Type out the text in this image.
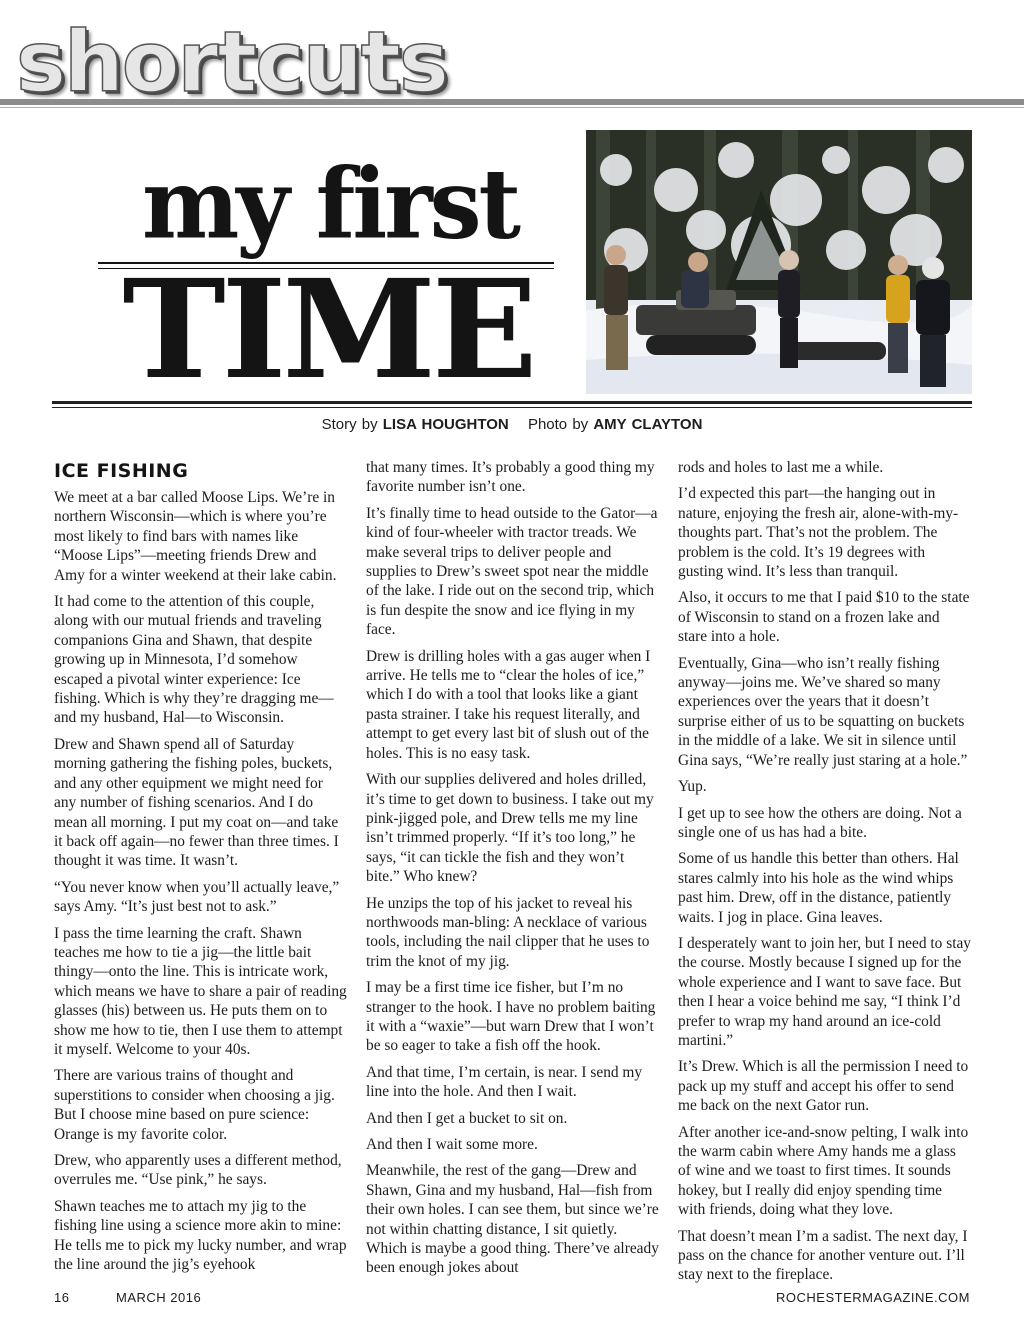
shortcuts
my first
TIME
Story by LISA HOUGHTON Photo by AMY CLAYTON
ICE FISHING

We meet at a bar called Moose Lips. We’re in northern Wisconsin—which is where you’re most likely to find bars with names like “Moose Lips”—meeting friends Drew and Amy for a winter weekend at their lake cabin.

It had come to the attention of this couple, along with our mutual friends and traveling companions Gina and Shawn, that despite growing up in Minnesota, I’d somehow escaped a pivotal winter experience: Ice fishing. Which is why they’re dragging me—and my husband, Hal—to Wisconsin.

Drew and Shawn spend all of Saturday morning gathering the fishing poles, buckets, and any other equipment we might need for any number of fishing scenarios. And I do mean all morning. I put my coat on—and take it back off again—no fewer than three times. I thought it was time. It wasn’t.

“You never know when you’ll actually leave,” says Amy. “It’s just best not to ask.”

I pass the time learning the craft. Shawn teaches me how to tie a jig—the little bait thingy—onto the line. This is intricate work, which means we have to share a pair of reading glasses (his) between us. He puts them on to show me how to tie, then I use them to attempt it myself. Welcome to your 40s.

There are various trains of thought and superstitions to consider when choosing a jig. But I choose mine based on pure science: Orange is my favorite color.

Drew, who apparently uses a different method, overrules me. “Use pink,” he says.

Shawn teaches me to attach my jig to the fishing line using a science more akin to mine: He tells me to pick my lucky number, and wrap the line around the jig’s eyehook

that many times. It’s probably a good thing my favorite number isn’t one.

It’s finally time to head outside to the Gator—a kind of four-wheeler with tractor treads. We make several trips to deliver people and supplies to Drew’s sweet spot near the middle of the lake. I ride out on the second trip, which is fun despite the snow and ice flying in my face.

Drew is drilling holes with a gas auger when I arrive. He tells me to “clear the holes of ice,” which I do with a tool that looks like a giant pasta strainer. I take his request literally, and attempt to get every last bit of slush out of the holes. This is no easy task.

With our supplies delivered and holes drilled, it’s time to get down to business. I take out my pink-jigged pole, and Drew tells me my line isn’t trimmed properly. “If it’s too long,” he says, “it can tickle the fish and they won’t bite.” Who knew?

He unzips the top of his jacket to reveal his northwoods man-bling: A necklace of various tools, including the nail clipper that he uses to trim the knot of my jig.

I may be a first time ice fisher, but I’m no stranger to the hook. I have no problem baiting it with a “waxie”—but warn Drew that I won’t be so eager to take a fish off the hook.

And that time, I’m certain, is near. I send my line into the hole. And then I wait.

And then I get a bucket to sit on.

And then I wait some more.

Meanwhile, the rest of the gang—Drew and Shawn, Gina and my husband, Hal—fish from their own holes. I can see them, but since we’re not within chatting distance, I sit quietly. Which is maybe a good thing. There’ve already been enough jokes about

rods and holes to last me a while.

I’d expected this part—the hanging out in nature, enjoying the fresh air, alone-with-my-thoughts part. That’s not the problem. The problem is the cold. It’s 19 degrees with gusting wind. It’s less than tranquil.

Also, it occurs to me that I paid $10 to the state of Wisconsin to stand on a frozen lake and stare into a hole.

Eventually, Gina—who isn’t really fishing anyway—joins me. We’ve shared so many experiences over the years that it doesn’t surprise either of us to be squatting on buckets in the middle of a lake. We sit in silence until Gina says, “We’re really just staring at a hole.”

Yup.

I get up to see how the others are doing. Not a single one of us has had a bite.

Some of us handle this better than others. Hal stares calmly into his hole as the wind whips past him. Drew, off in the distance, patiently waits. I jog in place. Gina leaves.

I desperately want to join her, but I need to stay the course. Mostly because I signed up for the whole experience and I want to save face. But then I hear a voice behind me say, “I think I’d prefer to wrap my hand around an ice-cold martini.”

It’s Drew. Which is all the permission I need to pack up my stuff and accept his offer to send me back on the next Gator run.

After another ice-and-snow pelting, I walk into the warm cabin where Amy hands me a glass of wine and we toast to first times. It sounds hokey, but I really did enjoy spending time with friends, doing what they love.

That doesn’t mean I’m a sadist. The next day, I pass on the chance for another venture out. I’ll stay next to the fireplace.

16	MARCH 2016	ROCHESTERMAGAZINE.COM
